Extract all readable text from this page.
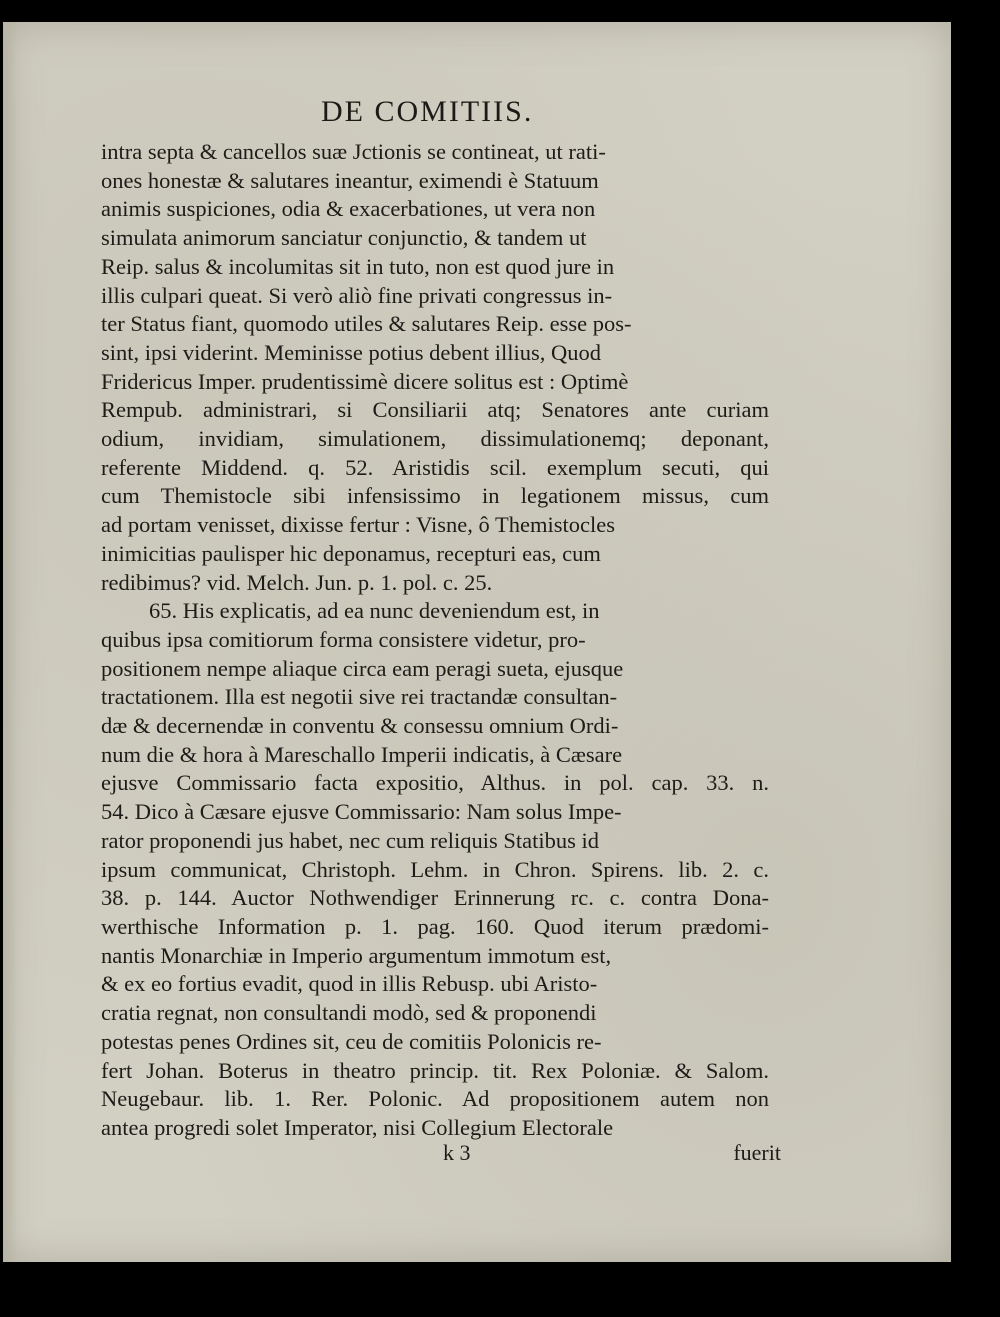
DE COMITIIS.
intra septa & cancellos suæ Jctionis se contineat, ut rati-
ones honestæ & salutares ineantur, eximendi è Statuum
animis suspiciones, odia & exacerbationes, ut vera non
simulata animorum sanciatur conjunctio, & tandem ut
Reip. salus & incolumitas sit in tuto, non est quod jure in
illis culpari queat. Si verò aliò fine privati congressus in-
ter Status fiant, quomodo utiles & salutares Reip. esse pos-
sint, ipsi viderint. Meminisse potius debent illius, Quod
Fridericus Imper. prudentissimè dicere solitus est : Optimè
Rempub. administrari, si Consiliarii atq; Senatores ante curiam
odium, invidiam, simulationem, dissimulationemq; deponant,
referente Middend. q. 52. Aristidis scil. exemplum secuti, qui
cum Themistocle sibi infensissimo in legationem missus, cum
ad portam venisset, dixisse fertur : Visne, ô Themistocles
inimicitias paulisper hic deponamus, recepturi eas, cum
redibimus? vid. Melch. Jun. p. 1. pol. c. 25.
65. His explicatis, ad ea nunc deveniendum est, in
quibus ipsa comitiorum forma consistere videtur, pro-
positionem nempe aliaque circa eam peragi sueta, ejusque
tractationem. Illa est negotii sive rei tractandæ consultan-
dæ & decernendæ in conventu & consessu omnium Ordi-
num die & hora à Mareschallo Imperii indicatis, à Cæsare
ejusve Commissario facta expositio, Althus. in pol. cap. 33. n.
54. Dico à Cæsare ejusve Commissario: Nam solus Impe-
rator proponendi jus habet, nec cum reliquis Statibus id
ipsum communicat, Christoph. Lehm. in Chron. Spirens. lib. 2. c.
38. p. 144. Auctor Nothwendiger Erinnerung rc. c. contra Dona-
werthische Information p. 1. pag. 160. Quod iterum prædomi-
nantis Monarchiæ in Imperio argumentum immotum est,
& ex eo fortius evadit, quod in illis Rebusp. ubi Aristo-
cratia regnat, non consultandi modò, sed & proponendi
potestas penes Ordines sit, ceu de comitiis Polonicis re-
fert Johan. Boterus in theatro princip. tit. Rex Poloniæ. & Salom.
Neugebaur. lib. 1. Rer. Polonic. Ad propositionem autem non
antea progredi solet Imperator, nisi Collegium Electorale
k 3	fuerit
